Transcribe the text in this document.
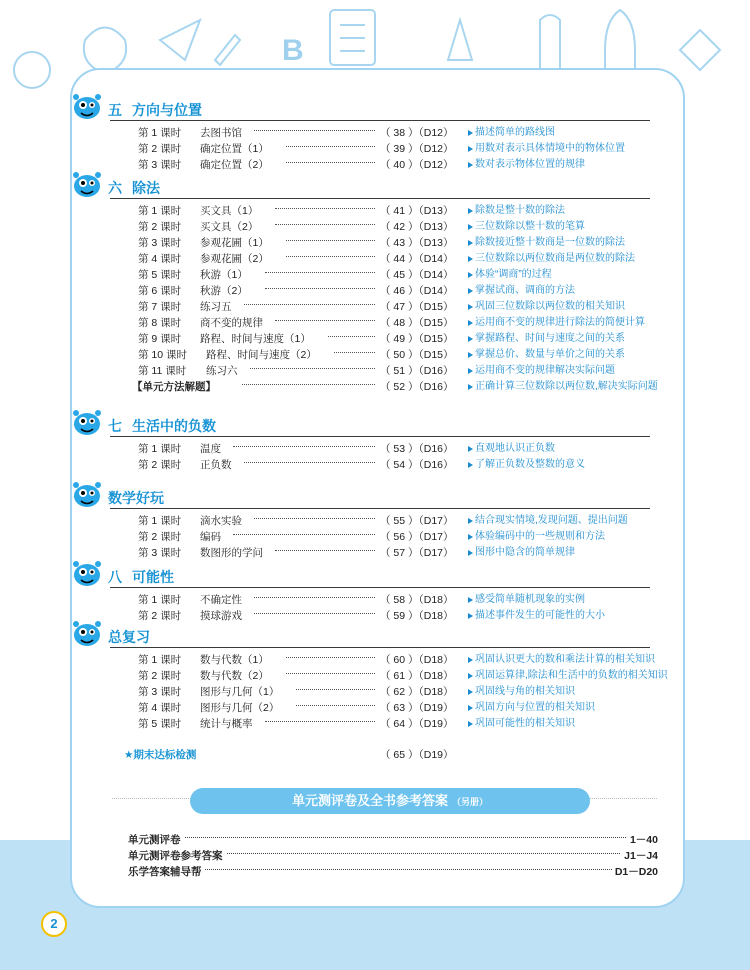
B
五 方向与位置
第 1 课时 去图书馆	（ 38 ）（D12） 描述简单的路线图
第 2 课时 确定位置（1）	（ 39 ）（D12） 用数对表示具体情境中的物体位置
第 3 课时 确定位置（2）	（ 40 ）（D12） 数对表示物体位置的规律
六 除法
第 1 课时 买文具（1）	（ 41 ）（D13） 除数是整十数的除法
第 2 课时 买文具（2）	（ 42 ）（D13） 三位数除以整十数的笔算
第 3 课时 参观花圃（1）	（ 43 ）（D13） 除数接近整十数商是一位数的除法
第 4 课时 参观花圃（2）	（ 44 ）（D14） 三位数除以两位数商是两位数的除法
第 5 课时 秋游（1）	（ 45 ）（D14） 体验“调商”的过程
第 6 课时 秋游（2）	（ 46 ）（D14） 掌握试商、调商的方法
第 7 课时 练习五	（ 47 ）（D15） 巩固三位数除以两位数的相关知识
第 8 课时 商不变的规律	（ 48 ）（D15） 运用商不变的规律进行除法的简便计算
第 9 课时 路程、时间与速度（1）	（ 49 ）（D15） 掌握路程、时间与速度之间的关系
第 10 课时 路程、时间与速度（2）	（ 50 ）（D15） 掌握总价、数量与单价之间的关系
第 11 课时 练习六	（ 51 ）（D16） 运用商不变的规律解决实际问题
【单元方法解题】	（ 52 ）（D16） 正确计算三位数除以两位数,解决实际问题
七 生活中的负数
第 1 课时 温度	（ 53 ）（D16） 直观地认识正负数
第 2 课时 正负数	（ 54 ）（D16） 了解正负数及整数的意义
数学好玩
第 1 课时 滴水实验	（ 55 ）（D17） 结合现实情境,发现问题、提出问题
第 2 课时 编码	（ 56 ）（D17） 体验编码中的一些规则和方法
第 3 课时 数图形的学问	（ 57 ）（D17） 图形中隐含的简单规律
八 可能性
第 1 课时 不确定性	（ 58 ）（D18） 感受简单随机现象的实例
第 2 课时 摸球游戏	（ 59 ）（D18） 描述事件发生的可能性的大小
总复习
第 1 课时 数与代数（1）	（ 60 ）（D18） 巩固认识更大的数和乘法计算的相关知识
第 2 课时 数与代数（2）	（ 61 ）（D18） 巩固运算律,除法和生活中的负数的相关知识
第 3 课时 图形与几何（1）	（ 62 ）（D18） 巩固线与角的相关知识
第 4 课时 图形与几何（2）	（ 63 ）（D19） 巩固方向与位置的相关知识
第 5 课时 统计与概率	（ 64 ）（D19） 巩固可能性的相关知识
★期末达标检测	（ 65 ）（D19）
单元测评卷及全书参考答案 （另册）
单元测评卷	1－40
单元测评卷参考答案	J1－J4
乐学答案辅导帮	D1－D20
2
